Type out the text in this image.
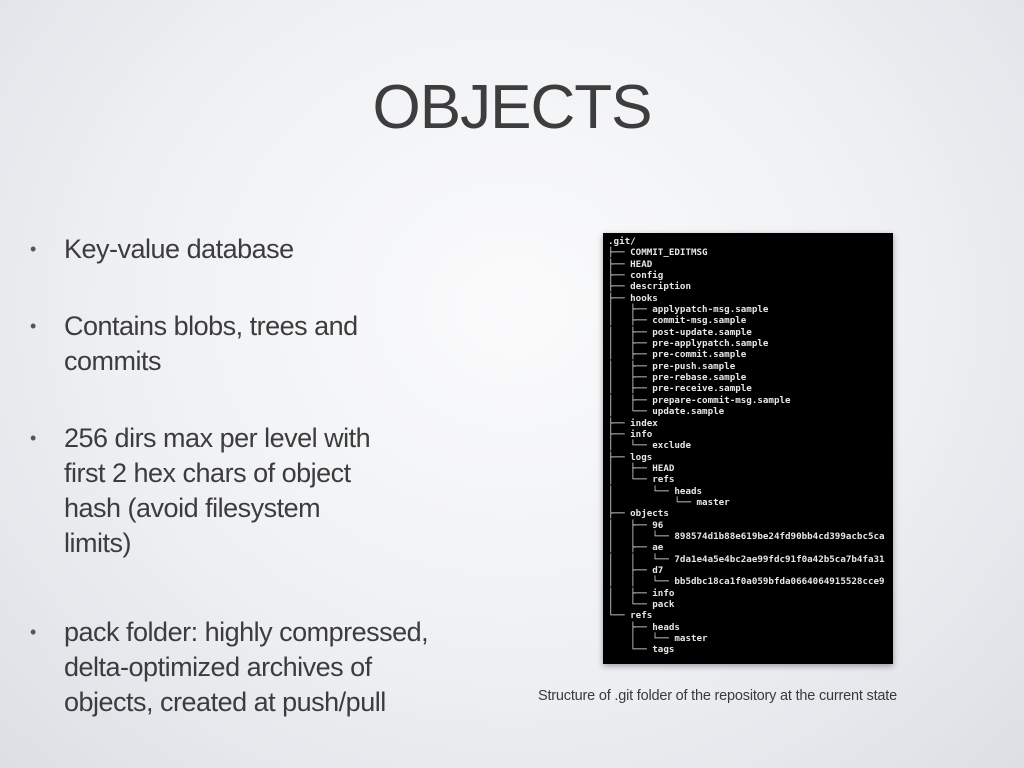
OBJECTS
• Key-value database
• Contains blobs, trees and
commits
• 256 dirs max per level with
first 2 hex chars of object
hash (avoid filesystem
limits)
• pack folder: highly compressed,
delta-optimized archives of
objects, created at push/pull
.git/
├── COMMIT_EDITMSG
├── HEAD
├── config
├── description
├── hooks
│   ├── applypatch-msg.sample
│   ├── commit-msg.sample
│   ├── post-update.sample
│   ├── pre-applypatch.sample
│   ├── pre-commit.sample
│   ├── pre-push.sample
│   ├── pre-rebase.sample
│   ├── pre-receive.sample
│   ├── prepare-commit-msg.sample
│   └── update.sample
├── index
├── info
│   └── exclude
├── logs
│   ├── HEAD
│   └── refs
│       └── heads
│           └── master
├── objects
│   ├── 96
│   │   └── 898574d1b88e619be24fd90bb4cd399acbc5ca
│   ├── ae
│   │   └── 7da1e4a5e4bc2ae99fdc91f0a42b5ca7b4fa31
│   ├── d7
│   │   └── bb5dbc18ca1f0a059bfda0664064915528cce9
│   ├── info
│   └── pack
└── refs
├── heads
│   └── master
└── tags
Structure of .git folder of the repository at the current state
